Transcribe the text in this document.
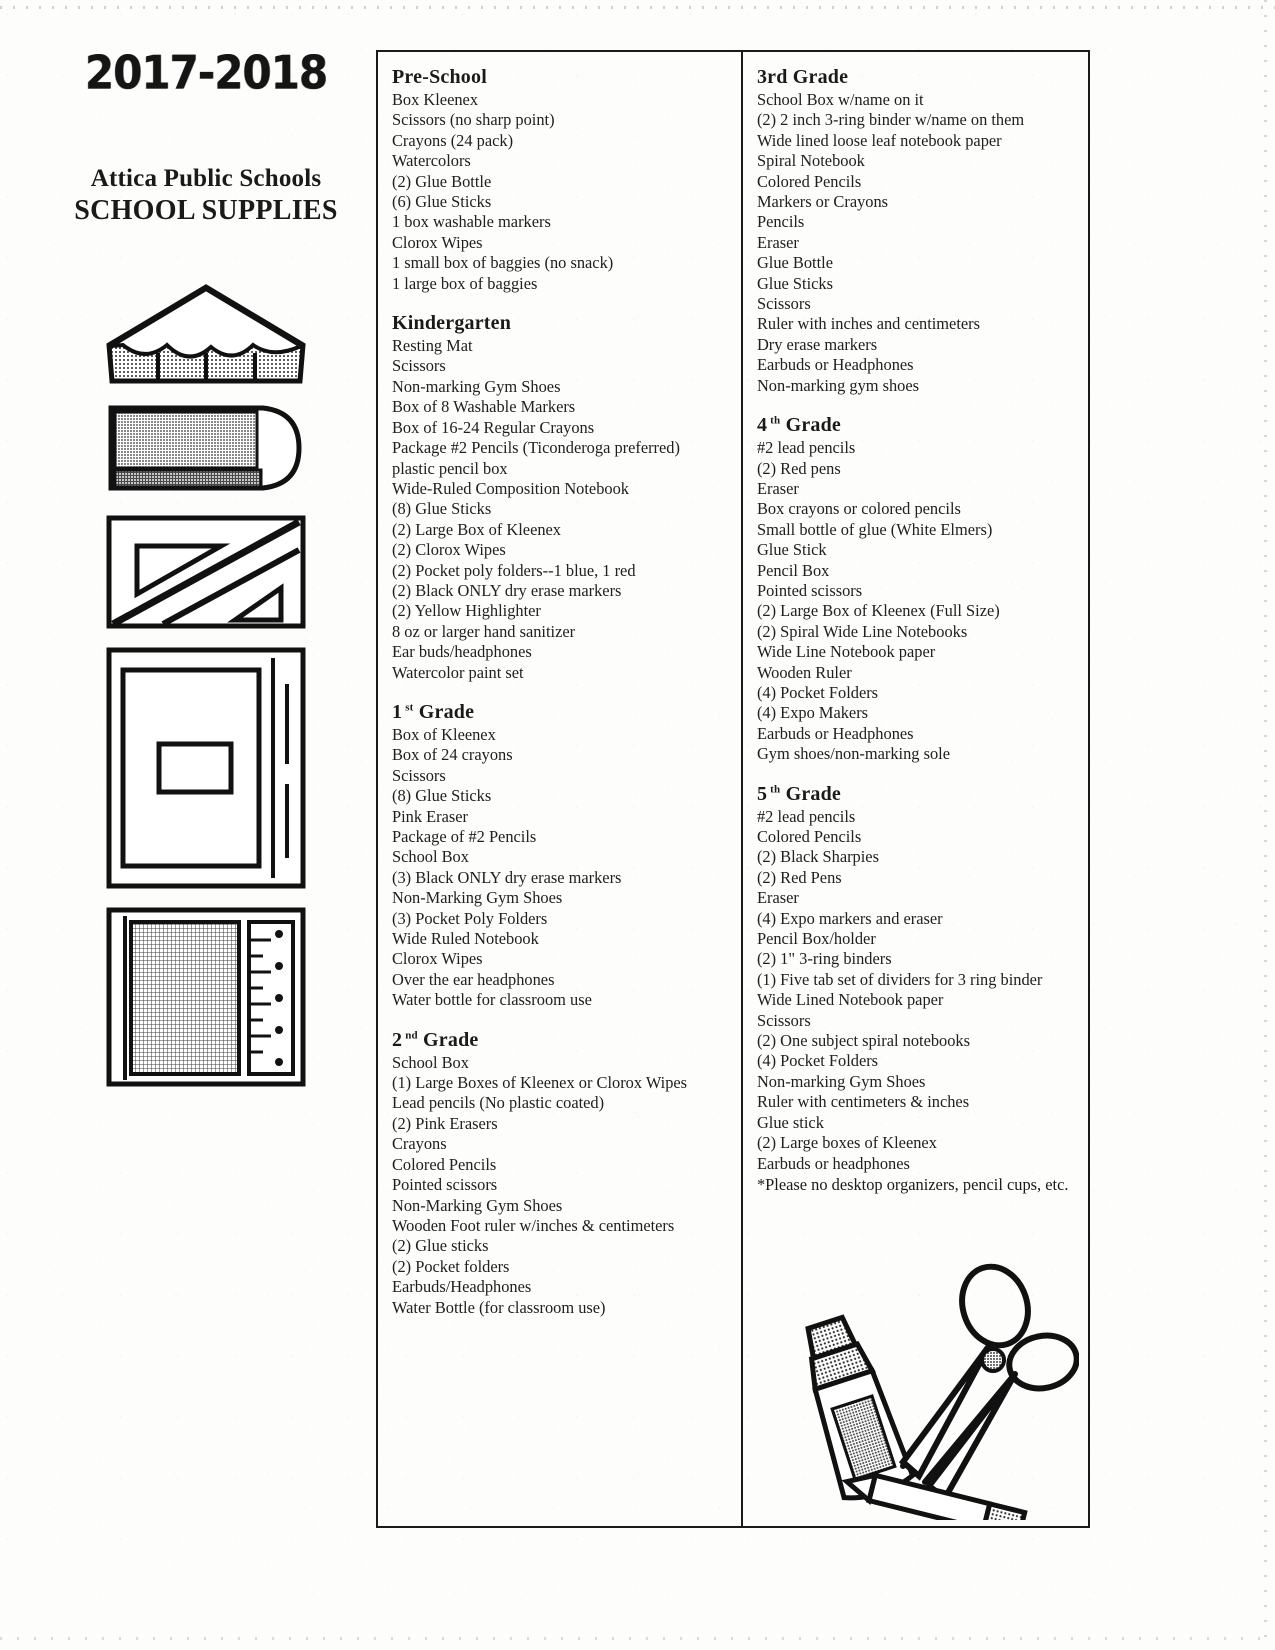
2017-2018
Attica Public Schools
SCHOOL SUPPLIES
Pre-School
Box Kleenex
Scissors (no sharp point)
Crayons (24 pack)
Watercolors
(2) Glue Bottle
(6) Glue Sticks
1 box washable markers
Clorox Wipes
1 small box of baggies (no snack)
1 large box of baggies
Kindergarten
Resting Mat
Scissors
Non-marking Gym Shoes
Box of 8 Washable Markers
Box of 16-24 Regular Crayons
Package #2 Pencils (Ticonderoga preferred)
plastic pencil box
Wide-Ruled Composition Notebook
(8) Glue Sticks
(2) Large Box of Kleenex
(2) Clorox Wipes
(2) Pocket poly folders--1 blue, 1 red
(2) Black ONLY dry erase markers
(2) Yellow Highlighter
8 oz or larger hand sanitizer
Ear buds/headphones
Watercolor paint set
1 $^{st}$ Grade
Box of Kleenex
Box of 24 crayons
Scissors
(8) Glue Sticks
Pink Eraser
Package of #2 Pencils
School Box
(3) Black ONLY dry erase markers
Non-Marking Gym Shoes
(3) Pocket Poly Folders
Wide Ruled Notebook
Clorox Wipes
Over the ear headphones
Water bottle for classroom use
2 $^{nd}$ Grade
School Box
(1) Large Boxes of Kleenex or Clorox Wipes
Lead pencils (No plastic coated)
(2) Pink Erasers
Crayons
Colored Pencils
Pointed scissors
Non-Marking Gym Shoes
Wooden Foot ruler w/inches & centimeters
(2) Glue sticks
(2) Pocket folders
Earbuds/Headphones
Water Bottle (for classroom use)
3rd Grade
School Box w/name on it
(2) 2 inch 3-ring binder w/name on them
Wide lined loose leaf notebook paper
Spiral Notebook
Colored Pencils
Markers or Crayons
Pencils
Eraser
Glue Bottle
Glue Sticks
Scissors
Ruler with inches and centimeters
Dry erase markers
Earbuds or Headphones
Non-marking gym shoes
4 $^{th}$ Grade
#2 lead pencils
(2) Red pens
Eraser
Box crayons or colored pencils
Small bottle of glue (White Elmers)
Glue Stick
Pencil Box
Pointed scissors
(2) Large Box of Kleenex (Full Size)
(2) Spiral Wide Line Notebooks
Wide Line Notebook paper
Wooden Ruler
(4) Pocket Folders
(4) Expo Makers
Earbuds or Headphones
Gym shoes/non-marking sole
5 $^{th}$ Grade
#2 lead pencils
Colored Pencils
(2) Black Sharpies
(2) Red Pens
Eraser
(4) Expo markers and eraser
Pencil Box/holder
(2) 1" 3-ring binders
(1) Five tab set of dividers for 3 ring binder
Wide Lined Notebook paper
Scissors
(2) One subject spiral notebooks
(4) Pocket Folders
Non-marking Gym Shoes
Ruler with centimeters & inches
Glue stick
(2) Large boxes of Kleenex
Earbuds or headphones
*Please no desktop organizers, pencil cups, etc.
